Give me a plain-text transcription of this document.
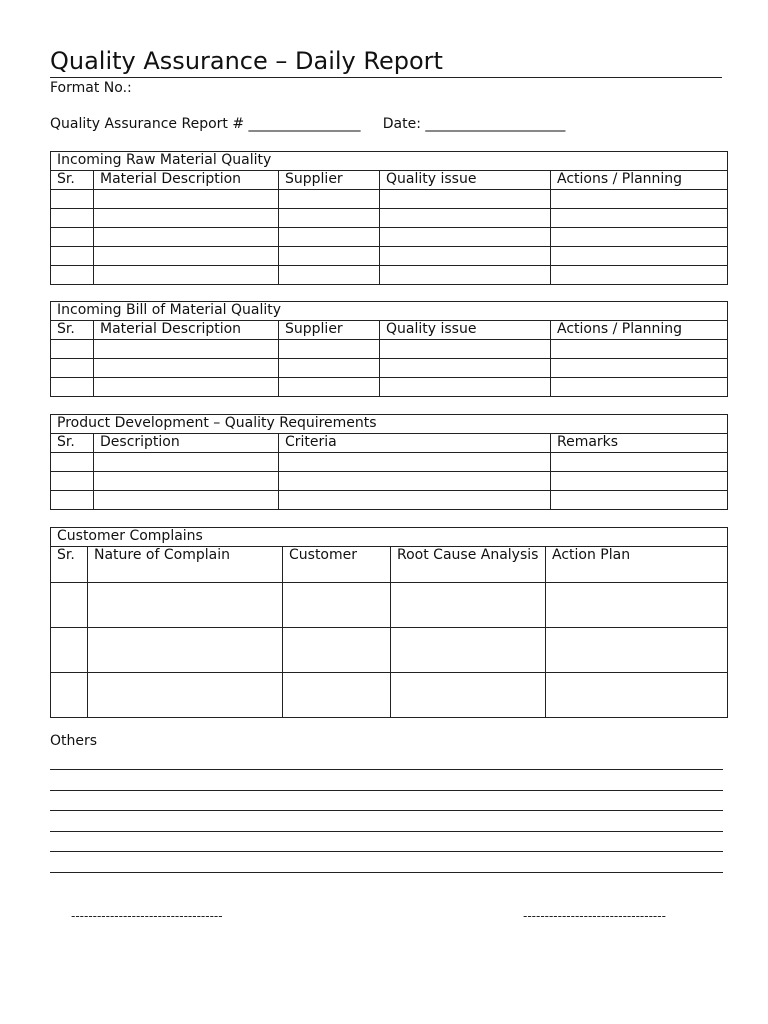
Quality Assurance – Daily Report
Format No.:
Quality Assurance Report # ________________     Date: ____________________
Incoming Raw Material Quality				
Sr.	Material Description	Supplier	Quality issue	Actions / Planning

Incoming Bill of Material Quality				
Sr.	Material Description	Supplier	Quality issue	Actions / Planning

Product Development – Quality Requirements			
Sr.	Description	Criteria	Remarks

Customer Complains				
Sr.	Nature of Complain	Customer	Root Cause Analysis	Action Plan

Others
-----------------------------------	---------------------------------
